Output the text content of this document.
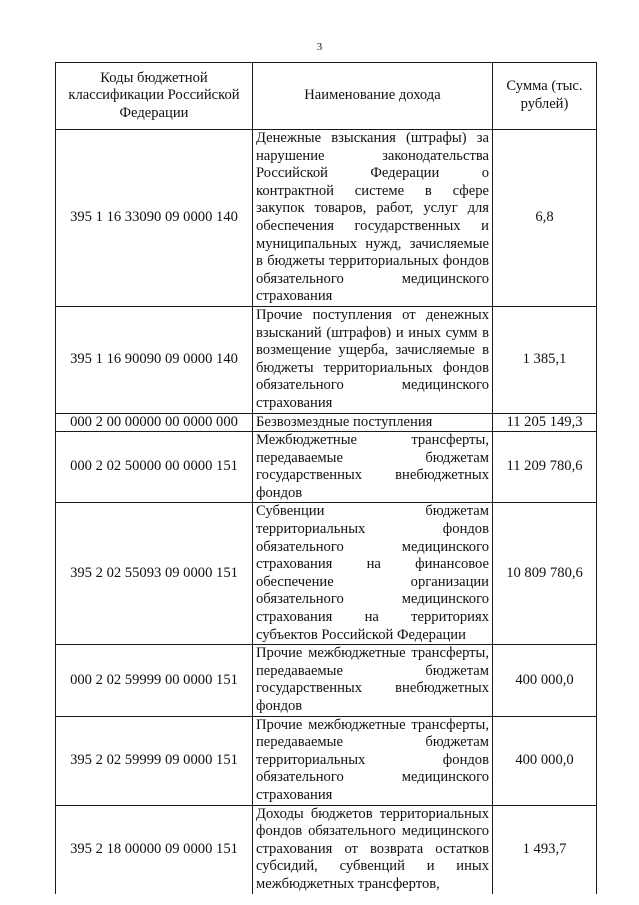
3
Коды бюджетной классификации Российской Федерации	Наименование дохода	Сумма (тыс. рублей)
395 1 16 33090 09 0000 140	Денежные взыскания (штрафы) за нарушение законодательства Российской Федерации о контрактной системе в сфере закупок товаров, работ, услуг для обеспечения государственных и муниципальных нужд, зачисляемые в бюджеты территориальных фондов обязательного медицинского страхования	6,8
395 1 16 90090 09 0000 140	Прочие поступления от денежных взысканий (штрафов) и иных сумм в возмещение ущерба, зачисляемые в бюджеты территориальных фондов обязательного медицинского страхования	1 385,1
000 2 00 00000 00 0000 000	Безвозмездные поступления	11 205 149,3
000 2 02 50000 00 0000 151	Межбюджетные трансферты, передаваемые бюджетам государственных внебюджетных фондов	11 209 780,6
395 2 02 55093 09 0000 151	Субвенции бюджетам территориальных фондов обязательного медицинского страхования на финансовое обеспечение организации обязательного медицинского страхования на территориях субъектов Российской Федерации	10 809 780,6
000 2 02 59999 00 0000 151	Прочие межбюджетные трансферты, передаваемые бюджетам государственных внебюджетных фондов	400 000,0
395 2 02 59999 09 0000 151	Прочие межбюджетные трансферты, передаваемые бюджетам территориальных фондов обязательного медицинского страхования	400 000,0
395 2 18 00000 09 0000 151	Доходы бюджетов территориальных фондов обязательного медицинского страхования от возврата остатков субсидий, субвенций и иных межбюджетных трансфертов,	1 493,7
